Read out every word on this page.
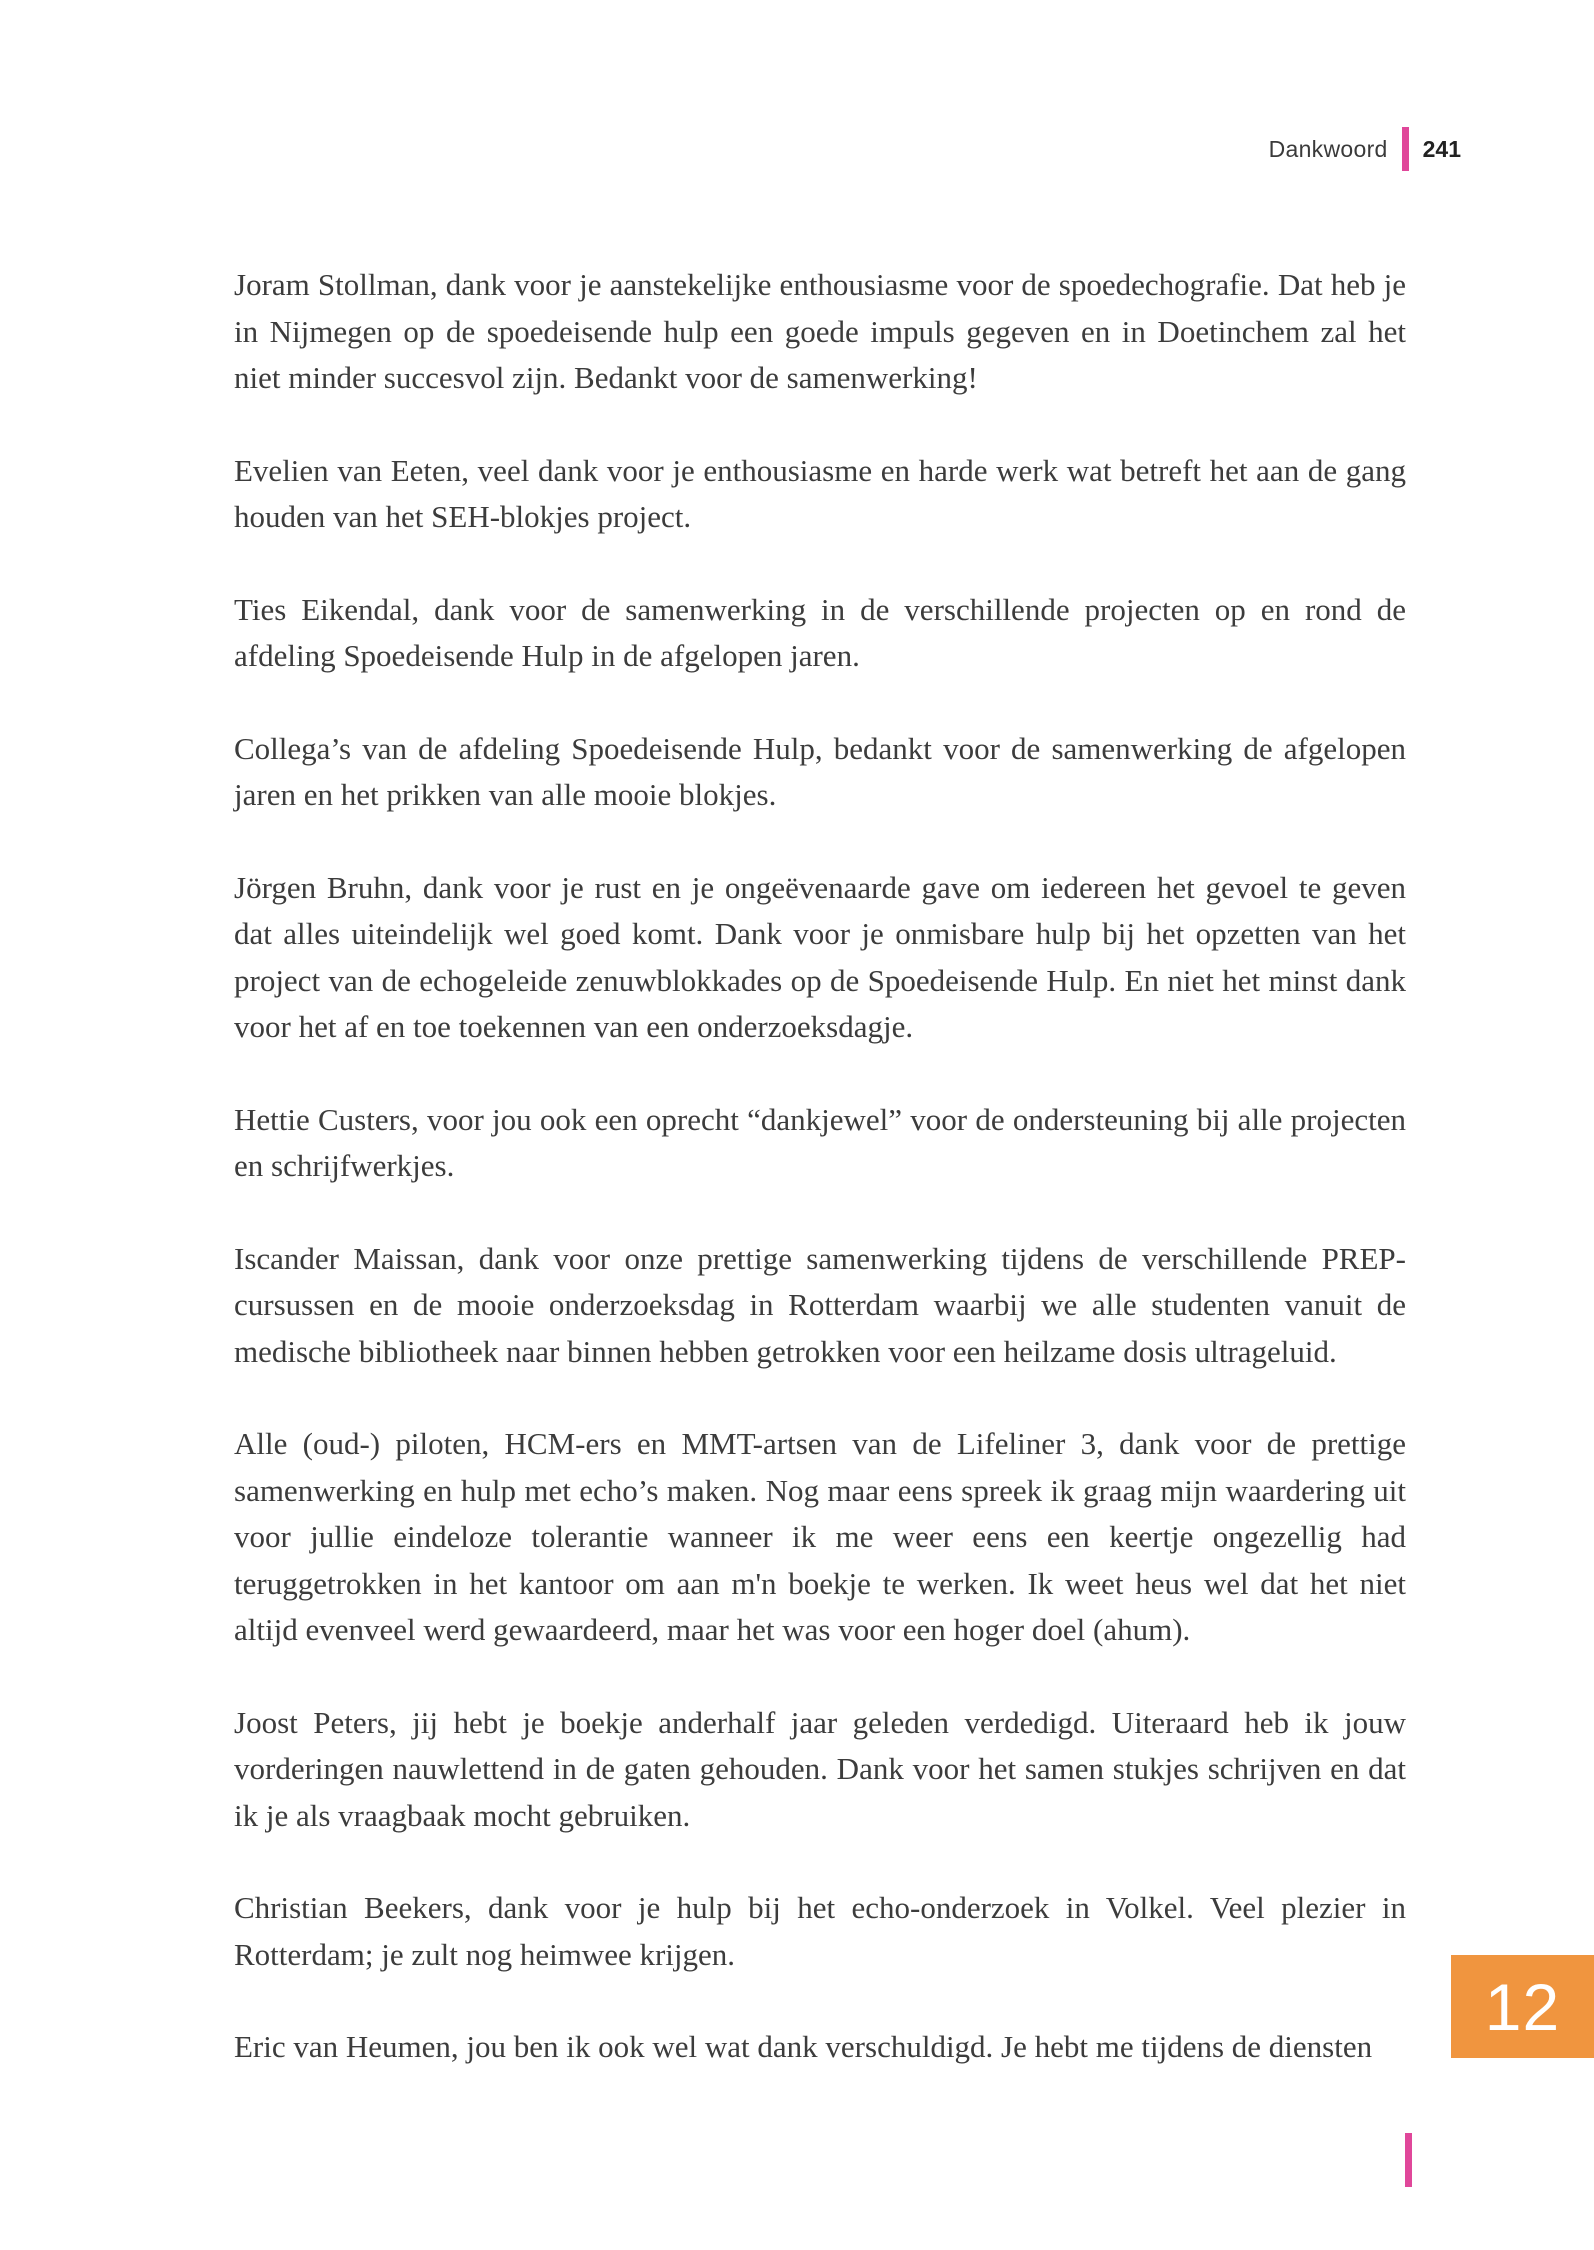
Dankwoord 241

Joram Stollman, dank voor je aanstekelijke enthousiasme voor de spoedechografie. Dat heb je in Nijmegen op de spoedeisende hulp een goede impuls gegeven en in Doetinchem zal het niet minder succesvol zijn. Bedankt voor de samenwerking!

Evelien van Eeten, veel dank voor je enthousiasme en harde werk wat betreft het aan de gang houden van het SEH-blokjes project.

Ties Eikendal, dank voor de samenwerking in de verschillende projecten op en rond de afdeling Spoedeisende Hulp in de afgelopen jaren.

Collega’s van de afdeling Spoedeisende Hulp, bedankt voor de samenwerking de afgelopen jaren en het prikken van alle mooie blokjes.

Jörgen Bruhn, dank voor je rust en je ongeëvenaarde gave om iedereen het gevoel te geven dat alles uiteindelijk wel goed komt. Dank voor je onmisbare hulp bij het opzetten van het project van de echogeleide zenuwblokkades op de Spoedeisende Hulp. En niet het minst dank voor het af en toe toekennen van een onderzoeksdagje.

Hettie Custers, voor jou ook een oprecht “dankjewel” voor de ondersteuning bij alle projecten en schrijfwerkjes.

Iscander Maissan, dank voor onze prettige samenwerking tijdens de verschillende PREP-cursussen en de mooie onderzoeksdag in Rotterdam waarbij we alle studenten vanuit de medische bibliotheek naar binnen hebben getrokken voor een heilzame dosis ultrageluid.

Alle (oud-) piloten, HCM-ers en MMT-artsen van de Lifeliner 3, dank voor de prettige samenwerking en hulp met echo’s maken. Nog maar eens spreek ik graag mijn waardering uit voor jullie eindeloze tolerantie wanneer ik me weer eens een keertje ongezellig had teruggetrokken in het kantoor om aan m'n boekje te werken. Ik weet heus wel dat het niet altijd evenveel werd gewaardeerd, maar het was voor een hoger doel (ahum).

Joost Peters, jij hebt je boekje anderhalf jaar geleden verdedigd. Uiteraard heb ik jouw vorderingen nauwlettend in de gaten gehouden. Dank voor het samen stukjes schrijven en dat ik je als vraagbaak mocht gebruiken.

Christian Beekers, dank voor je hulp bij het echo-onderzoek in Volkel. Veel plezier in Rotterdam; je zult nog heimwee krijgen.

Eric van Heumen, jou ben ik ook wel wat dank verschuldigd. Je hebt me tijdens de diensten

12
